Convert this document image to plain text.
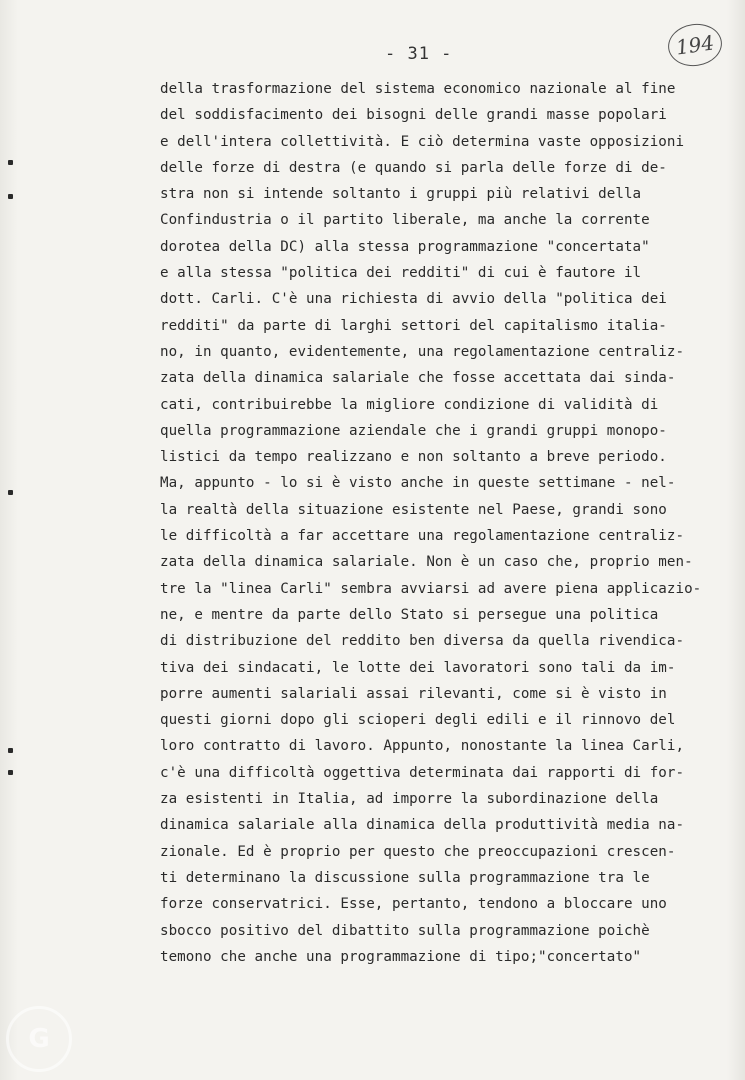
- 31 -	194
della trasformazione del sistema economico nazionale al fine
del soddisfacimento dei bisogni delle grandi masse popolari
e dell'intera collettività. E ciò determina vaste opposizioni
delle forze di destra (e quando si parla delle forze di de-
stra non si intende soltanto i gruppi più relativi della
Confindustria o il partito liberale, ma anche la corrente
dorotea della DC) alla stessa programmazione "concertata"
e alla stessa "politica dei redditi" di cui è fautore il
dott. Carli. C'è una richiesta di avvio della "politica dei
redditi" da parte di larghi settori del capitalismo italia-
no, in quanto, evidentemente, una regolamentazione centraliz-
zata della dinamica salariale che fosse accettata dai sinda-
cati, contribuirebbe la migliore condizione di validità di
quella programmazione aziendale che i grandi gruppi monopo-
listici da tempo realizzano e non soltanto a breve periodo.
Ma, appunto - lo si è visto anche in queste settimane - nel-
la realtà della situazione esistente nel Paese, grandi sono
le difficoltà a far accettare una regolamentazione centraliz-
zata della dinamica salariale. Non è un caso che, proprio men-
tre la "linea Carli" sembra avviarsi ad avere piena applicazio-
ne, e mentre da parte dello Stato si persegue una politica
di distribuzione del reddito ben diversa da quella rivendica-
tiva dei sindacati, le lotte dei lavoratori sono tali da im-
porre aumenti salariali assai rilevanti, come si è visto in
questi giorni dopo gli scioperi degli edili e il rinnovo del
loro contratto di lavoro. Appunto, nonostante la linea Carli,
c'è una difficoltà oggettiva determinata dai rapporti di for-
za esistenti in Italia, ad imporre la subordinazione della
dinamica salariale alla dinamica della produttività media na-
zionale. Ed è proprio per questo che preoccupazioni crescen-
ti determinano la discussione sulla programmazione tra le
forze conservatrici. Esse, pertanto, tendono a bloccare uno
sbocco positivo del dibattito sulla programmazione poichè
temono che anche una programmazione di tipo;"concertato"
G
